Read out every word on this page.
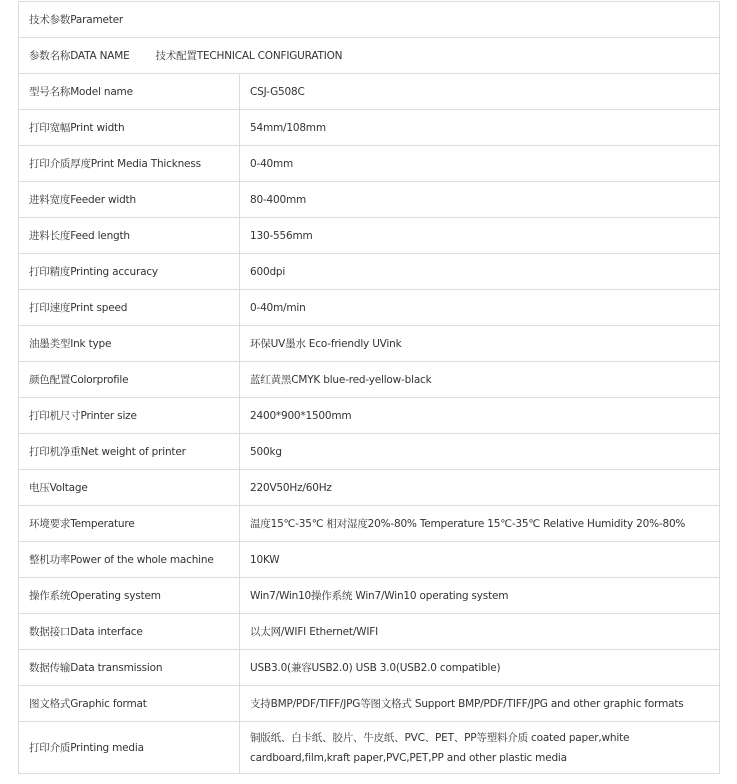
技术参数Parameter	
参数名称DATA NAME 技术配置TECHNICAL CONFIGURATION	
型号名称Model name	CSJ-G508C
打印宽幅Print width	54mm/108mm
打印介质厚度Print Media Thickness	0-40mm
进料宽度Feeder width	80-400mm
进料长度Feed length	130-556mm
打印精度Printing accuracy	600dpi
打印速度Print speed	0-40m/min
油墨类型Ink type	环保UV墨水 Eco-friendly UVink
颜色配置Colorprofile	蓝红黄黑CMYK blue-red-yellow-black
打印机尺寸Printer size	2400*900*1500mm
打印机净重Net weight of printer	500kg
电压Voltage	220V50Hz/60Hz
环境要求Temperature	温度15℃-35℃ 相对湿度20%-80% Temperature 15℃-35℃ Relative Humidity 20%-80%
整机功率Power of the whole machine	10KW
操作系统Operating system	Win7/Win10操作系统 Win7/Win10 operating system
数据接口Data interface	以太网/WIFI Ethernet/WIFI
数据传输Data transmission	USB3.0(兼容USB2.0) USB 3.0(USB2.0 compatible)
图文格式Graphic format	支持BMP/PDF/TIFF/JPG等图文格式 Support BMP/PDF/TIFF/JPG and other graphic formats
打印介质Printing media	铜版纸、白卡纸、胶片、牛皮纸、PVC、PET、PP等塑料介质 coated paper,white cardboard,film,kraft paper,PVC,PET,PP and other plastic media
